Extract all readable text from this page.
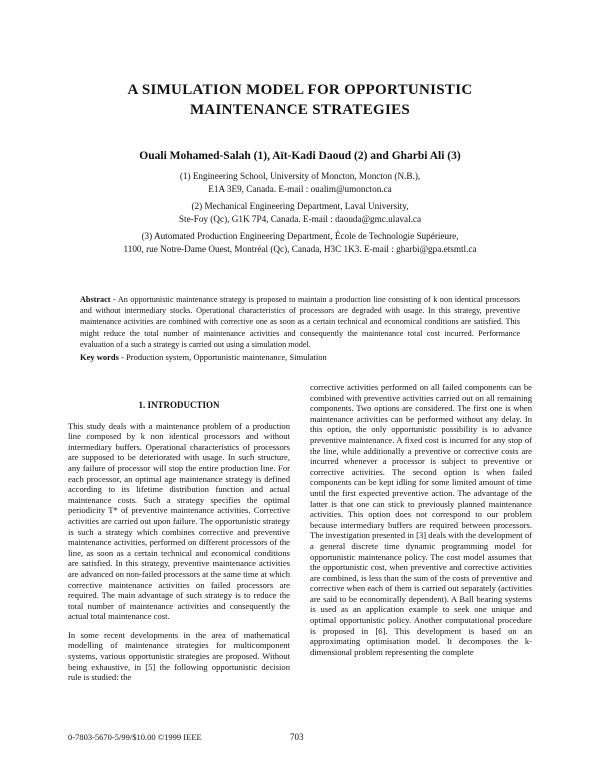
A SIMULATION MODEL FOR OPPORTUNISTIC
MAINTENANCE STRATEGIES
Ouali Mohamed-Salah (1), Aït-Kadi Daoud (2) and Gharbi Ali (3)
(1) Engineering School, University of Moncton, Moncton (N.B.),
E1A 3E9, Canada. E-mail : oualim@umoncton.ca
(2) Mechanical Engineering Department, Laval University,
Ste-Foy (Qc), G1K 7P4, Canada. E-mail : daouda@gmc.ulaval.ca
(3) Automated Production Engineering Department, École de Technologie Supérieure,
1100, rue Notre-Dame Ouest, Montréal (Qc), Canada, H3C 1K3. E-mail : gharbi@gpa.etsmtl.ca
Abstract - An opportunistic maintenance strategy is proposed to maintain a production line consisting of k non identical processors and without intermediary stocks. Operational characteristics of processors are degraded with usage. In this strategy, preventive maintenance activities are combined with corrective one as soon as a certain technical and economical conditions are satisfied. This might reduce the total number of maintenance activities and consequently the maintenance total cost incurred. Performance evaluation of a such a strategy is carried out using a simulation model.
Key words - Production system, Opportunistic maintenance, Simulation
1. INTRODUCTION

This study deals with a maintenance problem of a production line composed by k non identical processors and without intermediary buffers. Operational characteristics of processors are supposed to be deteriorated with usage. In such structure, any failure of processor will stop the entire production line. For each processor, an optimal age maintenance strategy is defined according to its lifetime distribution function and actual maintenance costs. Such a strategy specifies the optimal periodicity T* of preventive maintenance activities. Corrective activities are carried out upon failure. The opportunistic strategy is such a strategy which combines corrective and preventive maintenance activities, performed on different processors of the line, as soon as a certain technical and economical conditions are satisfied. In this strategy, preventive maintenance activities are advanced on non-failed processors at the same time at which corrective maintenance activities on failed processors are required. The main advantage of such strategy is to reduce the total number of maintenance activities and consequently the actual total maintenance cost.

In some recent developments in the area of mathematical modelling of maintenance strategies for multicomponent systems, various opportunistic strategies are proposed. Without being exhaustive, in [5] the following opportunistic decision rule is studied: the

corrective activities performed on all failed components can be combined with preventive activities carried out on all remaining components. Two options are considered. The first one is when maintenance activities can be performed without any delay. In this option, the only opportunistic possibility is to advance preventive maintenance. A fixed cost is incurred for any stop of the line, while additionally a preventive or corrective costs are incurred whenever a processor is subject to preventive or corrective activities. The second option is when failed components can be kept idling for some limited amount of time until the first expected preventive action. The advantage of the latter is that one can stick to previously planned maintenance activities. This option does not correspond to our problem because intermediary buffers are required between processors. The investigation presented in [3] deals with the development of a general discrete time dynamic programming model for opportunistic maintenance policy. The cost model assumes that the opportunistic cost, when preventive and corrective activities are combined, is less than the sum of the costs of preventive and corrective when each of them is carried out separately (activities are said to be economically dependent). A Ball bearing systems is used as an application example to seek one unique and optimal opportunistic policy. Another computational procedure is proposed in [6]. This development is based on an approximating optimisation model. It decomposes the k-dimensional problem representing the complete

0-7803-5670-5/99/$10.00 ©1999 IEEE	703
